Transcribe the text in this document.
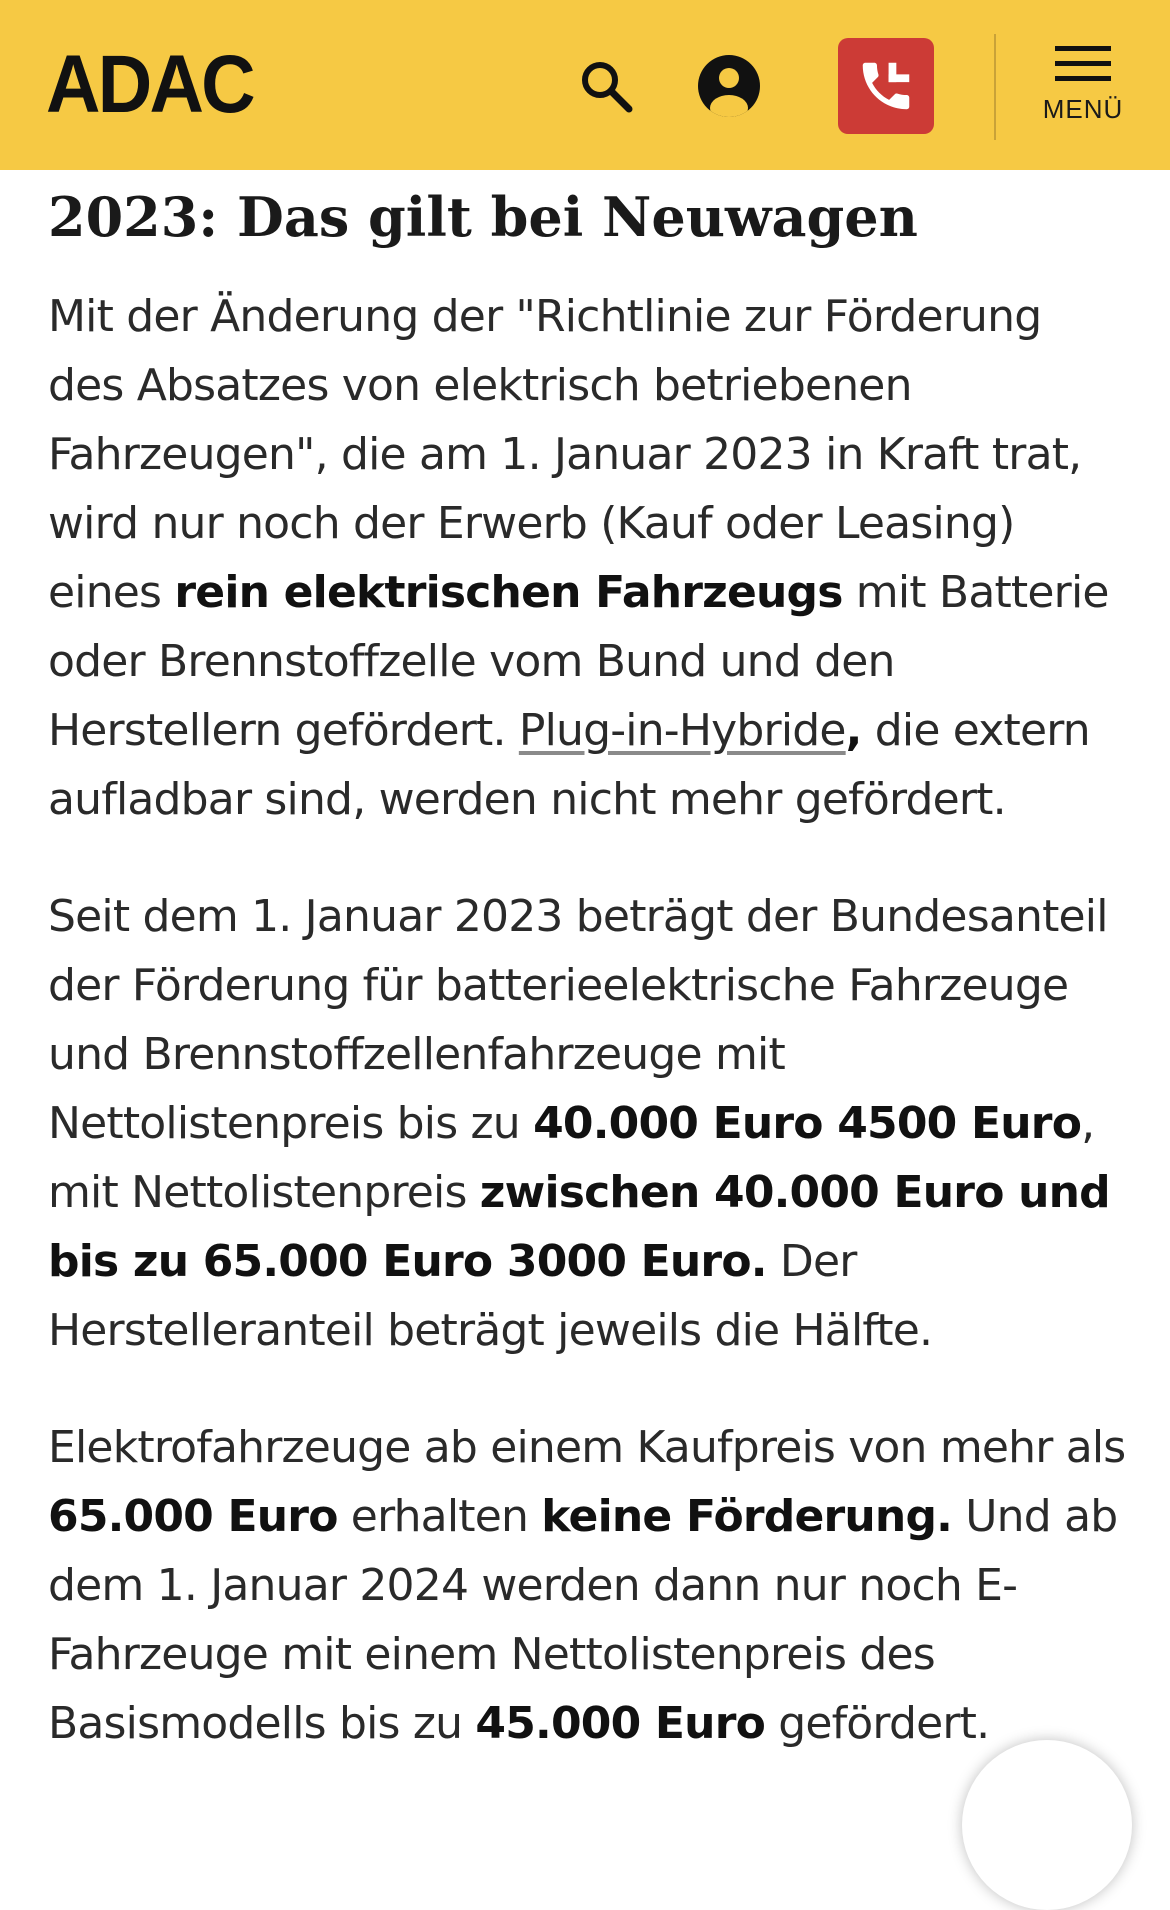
ADAC	MENÜ
2023: Das gilt bei Neuwagen

Mit der Änderung der "Richtlinie zur Förderung des Absatzes von elektrisch betriebenen Fahrzeugen", die am 1. Januar 2023 in Kraft trat, wird nur noch der Erwerb (Kauf oder Leasing) eines rein elektrischen Fahrzeugs mit Batterie oder Brennstoffzelle vom Bund und den Herstellern gefördert. Plug-in-Hybride, die extern aufladbar sind, werden nicht mehr gefördert.

Seit dem 1. Januar 2023 beträgt der Bundesanteil der Förderung für batterieelektrische Fahrzeuge und Brennstoffzellenfahrzeuge mit Nettolistenpreis bis zu 40.000 Euro 4500 Euro, mit Nettolistenpreis zwischen 40.000 Euro und bis zu 65.000 Euro 3000 Euro. Der Herstelleranteil beträgt jeweils die Hälfte.

Elektrofahrzeuge ab einem Kaufpreis von mehr als 65.000 Euro erhalten keine Förderung. Und ab dem 1. Januar 2024 werden dann nur noch E-Fahrzeuge mit einem Nettolistenpreis des Basismodells bis zu 45.000 Euro gefördert.
